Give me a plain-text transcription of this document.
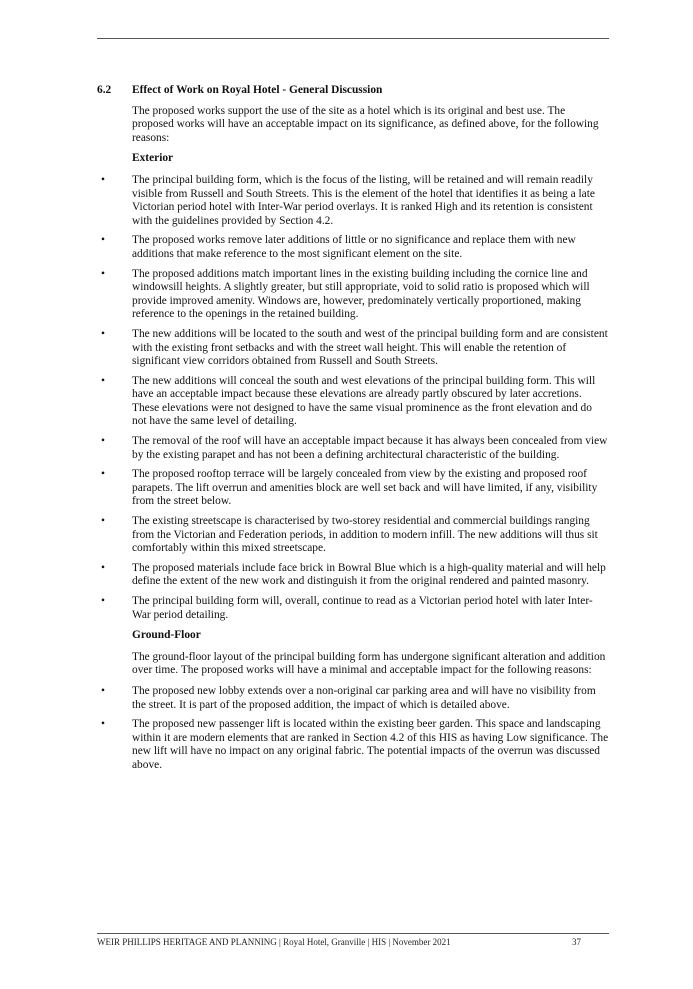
6.2	Effect of Work on Royal Hotel - General Discussion

The proposed works support the use of the site as a hotel which is its original and best use. The proposed works will have an acceptable impact on its significance, as defined above, for the following reasons:

Exterior
• The principal building form, which is the focus of the listing, will be retained and will remain readily visible from Russell and South Streets. This is the element of the hotel that identifies it as being a late Victorian period hotel with Inter-War period overlays. It is ranked High and its retention is consistent with the guidelines provided by Section 4.2.
• The proposed works remove later additions of little or no significance and replace them with new additions that make reference to the most significant element on the site.
• The proposed additions match important lines in the existing building including the cornice line and windowsill heights. A slightly greater, but still appropriate, void to solid ratio is proposed which will provide improved amenity. Windows are, however, predominately vertically proportioned, making reference to the openings in the retained building.
• The new additions will be located to the south and west of the principal building form and are consistent with the existing front setbacks and with the street wall height. This will enable the retention of significant view corridors obtained from Russell and South Streets.
• The new additions will conceal the south and west elevations of the principal building form. This will have an acceptable impact because these elevations are already partly obscured by later accretions. These elevations were not designed to have the same visual prominence as the front elevation and do not have the same level of detailing.
• The removal of the roof will have an acceptable impact because it has always been concealed from view by the existing parapet and has not been a defining architectural characteristic of the building.
• The proposed rooftop terrace will be largely concealed from view by the existing and proposed roof parapets. The lift overrun and amenities block are well set back and will have limited, if any, visibility from the street below.
• The existing streetscape is characterised by two-storey residential and commercial buildings ranging from the Victorian and Federation periods, in addition to modern infill. The new additions will thus sit comfortably within this mixed streetscape.
• The proposed materials include face brick in Bowral Blue which is a high-quality material and will help define the extent of the new work and distinguish it from the original rendered and painted masonry.
• The principal building form will, overall, continue to read as a Victorian period hotel with later Inter-War period detailing.
Ground-Floor

The ground-floor layout of the principal building form has undergone significant alteration and addition over time. The proposed works will have a minimal and acceptable impact for the following reasons:

• The proposed new lobby extends over a non-original car parking area and will have no visibility from the street. It is part of the proposed addition, the impact of which is detailed above.
• The proposed new passenger lift is located within the existing beer garden. This space and landscaping within it are modern elements that are ranked in Section 4.2 of this HIS as having Low significance. The new lift will have no impact on any original fabric. The potential impacts of the overrun was discussed above.
WEIR PHILLIPS HERITAGE AND PLANNING | Royal Hotel, Granville | HIS | November 2021	37
